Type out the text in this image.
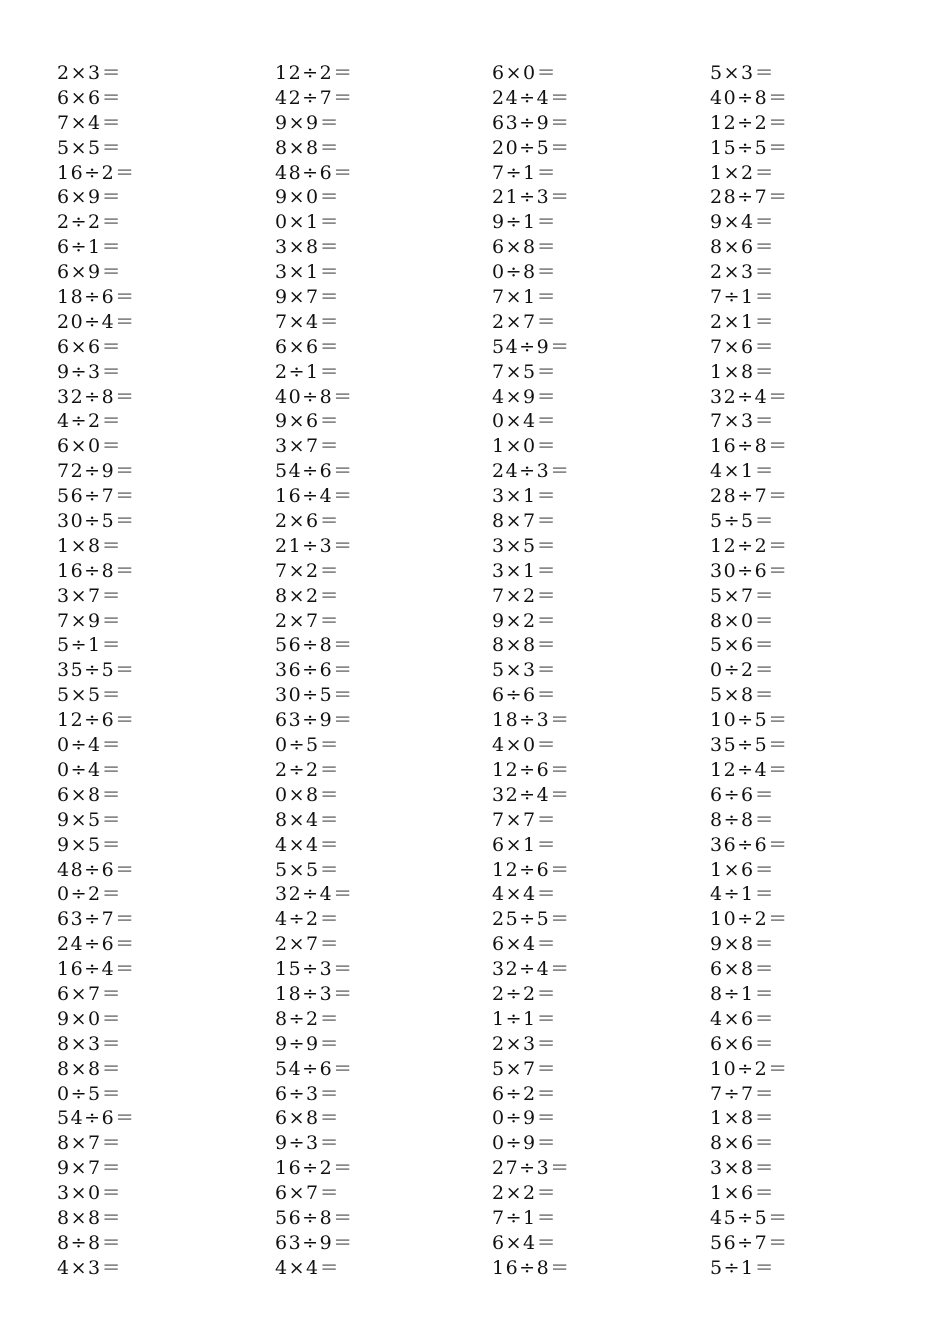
2×3＝
6×6＝
7×4＝
5×5＝
16÷2＝
6×9＝
2÷2＝
6÷1＝
6×9＝
18÷6＝
20÷4＝
6×6＝
9÷3＝
32÷8＝
4÷2＝
6×0＝
72÷9＝
56÷7＝
30÷5＝
1×8＝
16÷8＝
3×7＝
7×9＝
5÷1＝
35÷5＝
5×5＝
12÷6＝
0÷4＝
0÷4＝
6×8＝
9×5＝
9×5＝
48÷6＝
0÷2＝
63÷7＝
24÷6＝
16÷4＝
6×7＝
9×0＝
8×3＝
8×8＝
0÷5＝
54÷6＝
8×7＝
9×7＝
3×0＝
8×8＝
8÷8＝
4×3＝
12÷2＝
42÷7＝
9×9＝
8×8＝
48÷6＝
9×0＝
0×1＝
3×8＝
3×1＝
9×7＝
7×4＝
6×6＝
2÷1＝
40÷8＝
9×6＝
3×7＝
54÷6＝
16÷4＝
2×6＝
21÷3＝
7×2＝
8×2＝
2×7＝
56÷8＝
36÷6＝
30÷5＝
63÷9＝
0÷5＝
2÷2＝
0×8＝
8×4＝
4×4＝
5×5＝
32÷4＝
4÷2＝
2×7＝
15÷3＝
18÷3＝
8÷2＝
9÷9＝
54÷6＝
6÷3＝
6×8＝
9÷3＝
16÷2＝
6×7＝
56÷8＝
63÷9＝
4×4＝
6×0＝
24÷4＝
63÷9＝
20÷5＝
7÷1＝
21÷3＝
9÷1＝
6×8＝
0÷8＝
7×1＝
2×7＝
54÷9＝
7×5＝
4×9＝
0×4＝
1×0＝
24÷3＝
3×1＝
8×7＝
3×5＝
3×1＝
7×2＝
9×2＝
8×8＝
5×3＝
6÷6＝
18÷3＝
4×0＝
12÷6＝
32÷4＝
7×7＝
6×1＝
12÷6＝
4×4＝
25÷5＝
6×4＝
32÷4＝
2÷2＝
1÷1＝
2×3＝
5×7＝
6÷2＝
0÷9＝
0÷9＝
27÷3＝
2×2＝
7÷1＝
6×4＝
16÷8＝
5×3＝
40÷8＝
12÷2＝
15÷5＝
1×2＝
28÷7＝
9×4＝
8×6＝
2×3＝
7÷1＝
2×1＝
7×6＝
1×8＝
32÷4＝
7×3＝
16÷8＝
4×1＝
28÷7＝
5÷5＝
12÷2＝
30÷6＝
5×7＝
8×0＝
5×6＝
0÷2＝
5×8＝
10÷5＝
35÷5＝
12÷4＝
6÷6＝
8÷8＝
36÷6＝
1×6＝
4÷1＝
10÷2＝
9×8＝
6×8＝
8÷1＝
4×6＝
6×6＝
10÷2＝
7÷7＝
1×8＝
8×6＝
3×8＝
1×6＝
45÷5＝
56÷7＝
5÷1＝
